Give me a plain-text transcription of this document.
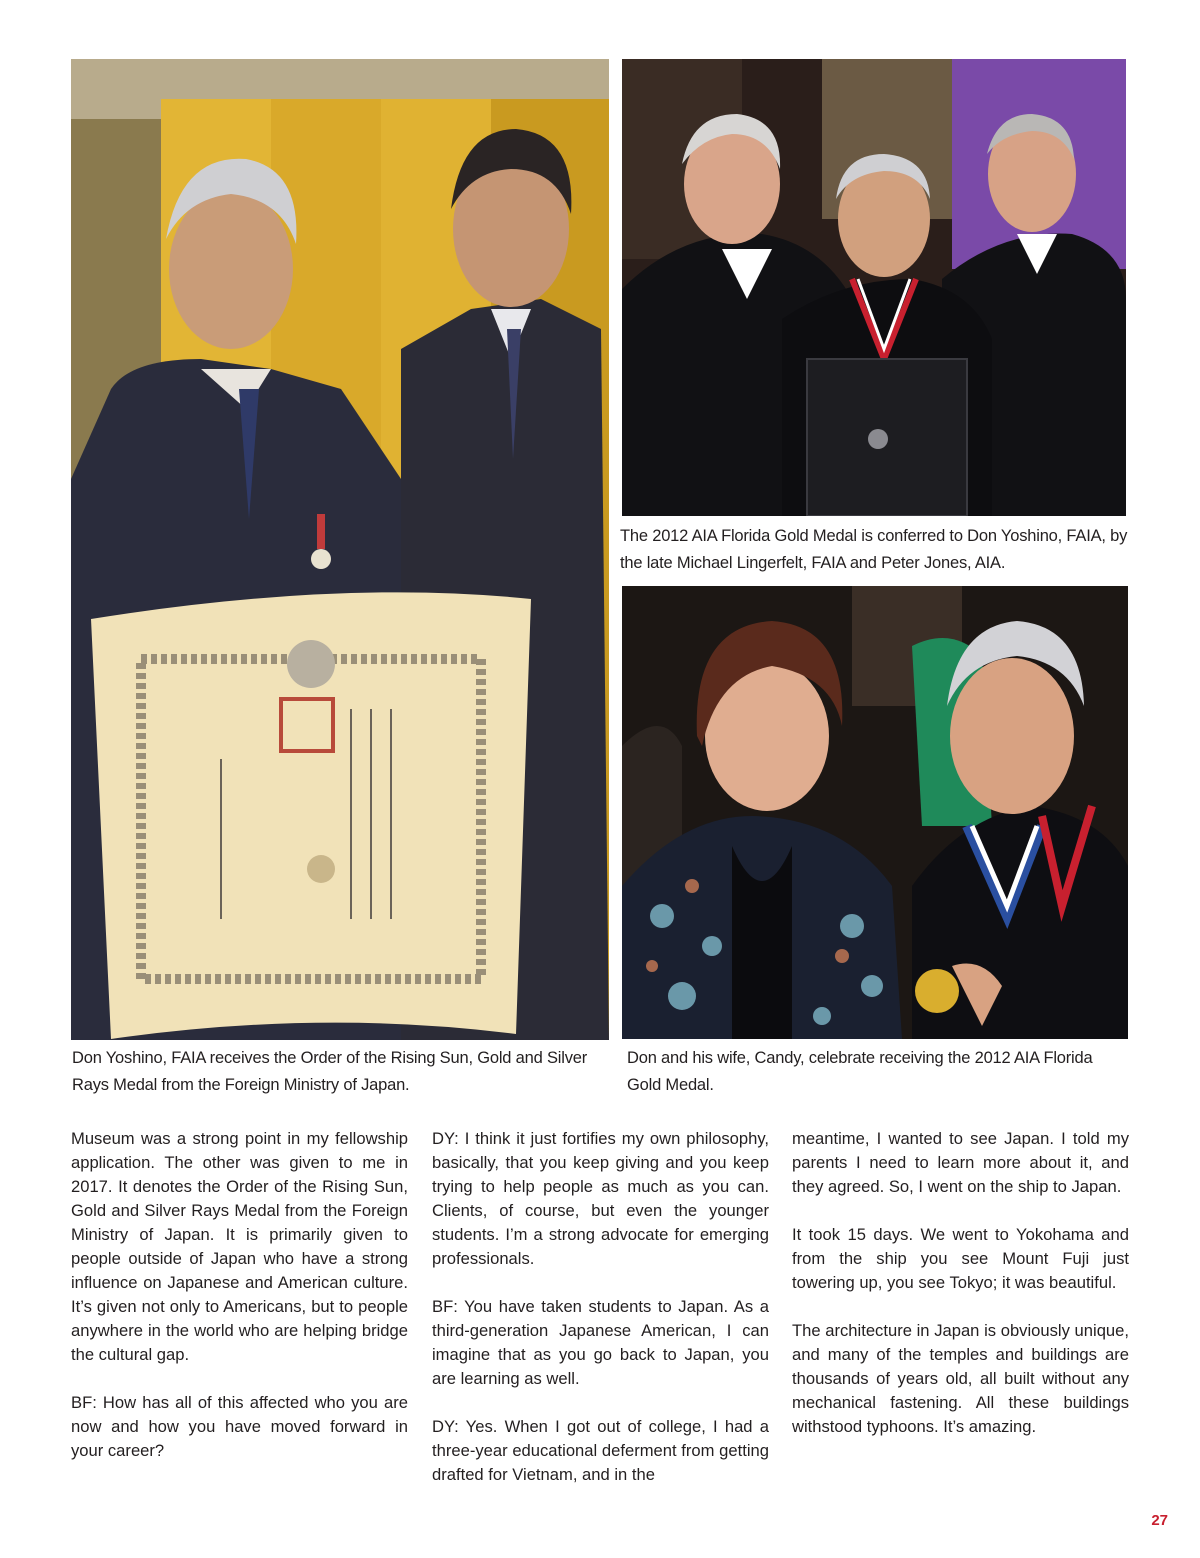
The 2012 AIA Florida Gold Medal is conferred to Don Yoshino, FAIA, by the late Michael Lingerfelt, FAIA and Peter Jones, AIA.
Don Yoshino, FAIA receives the Order of the Rising Sun, Gold and Silver Rays Medal from the Foreign Ministry of Japan.
Don and his wife, Candy, celebrate receiving the 2012 AIA Florida Gold Medal.

Museum was a strong point in my fellowship application. The other was given to me in 2017. It denotes the Order of the Rising Sun, Gold and Silver Rays Medal from the Foreign Ministry of Japan. It is primarily given to people outside of Japan who have a strong influence on Japanese and American culture. It’s given not only to Americans, but to people anywhere in the world who are helping bridge the cultural gap.

BF: How has all of this affected who you are now and how you have moved forward in your career?

DY: I think it just fortifies my own philosophy, basically, that you keep giving and you keep trying to help people as much as you can. Clients, of course, but even the younger students. I’m a strong advocate for emerging professionals.

BF: You have taken students to Japan. As a third-generation Japanese American, I can imagine that as you go back to Japan, you are learning as well.

DY: Yes. When I got out of college, I had a three-year educational deferment from getting drafted for Vietnam, and in the

meantime, I wanted to see Japan. I told my parents I need to learn more about it, and they agreed. So, I went on the ship to Japan.

It took 15 days. We went to Yokohama and from the ship you see Mount Fuji just towering up, you see Tokyo; it was beautiful.

The architecture in Japan is obviously unique, and many of the temples and buildings are thousands of years old, all built without any mechanical fastening. All these buildings withstood typhoons. It’s amazing.

27
